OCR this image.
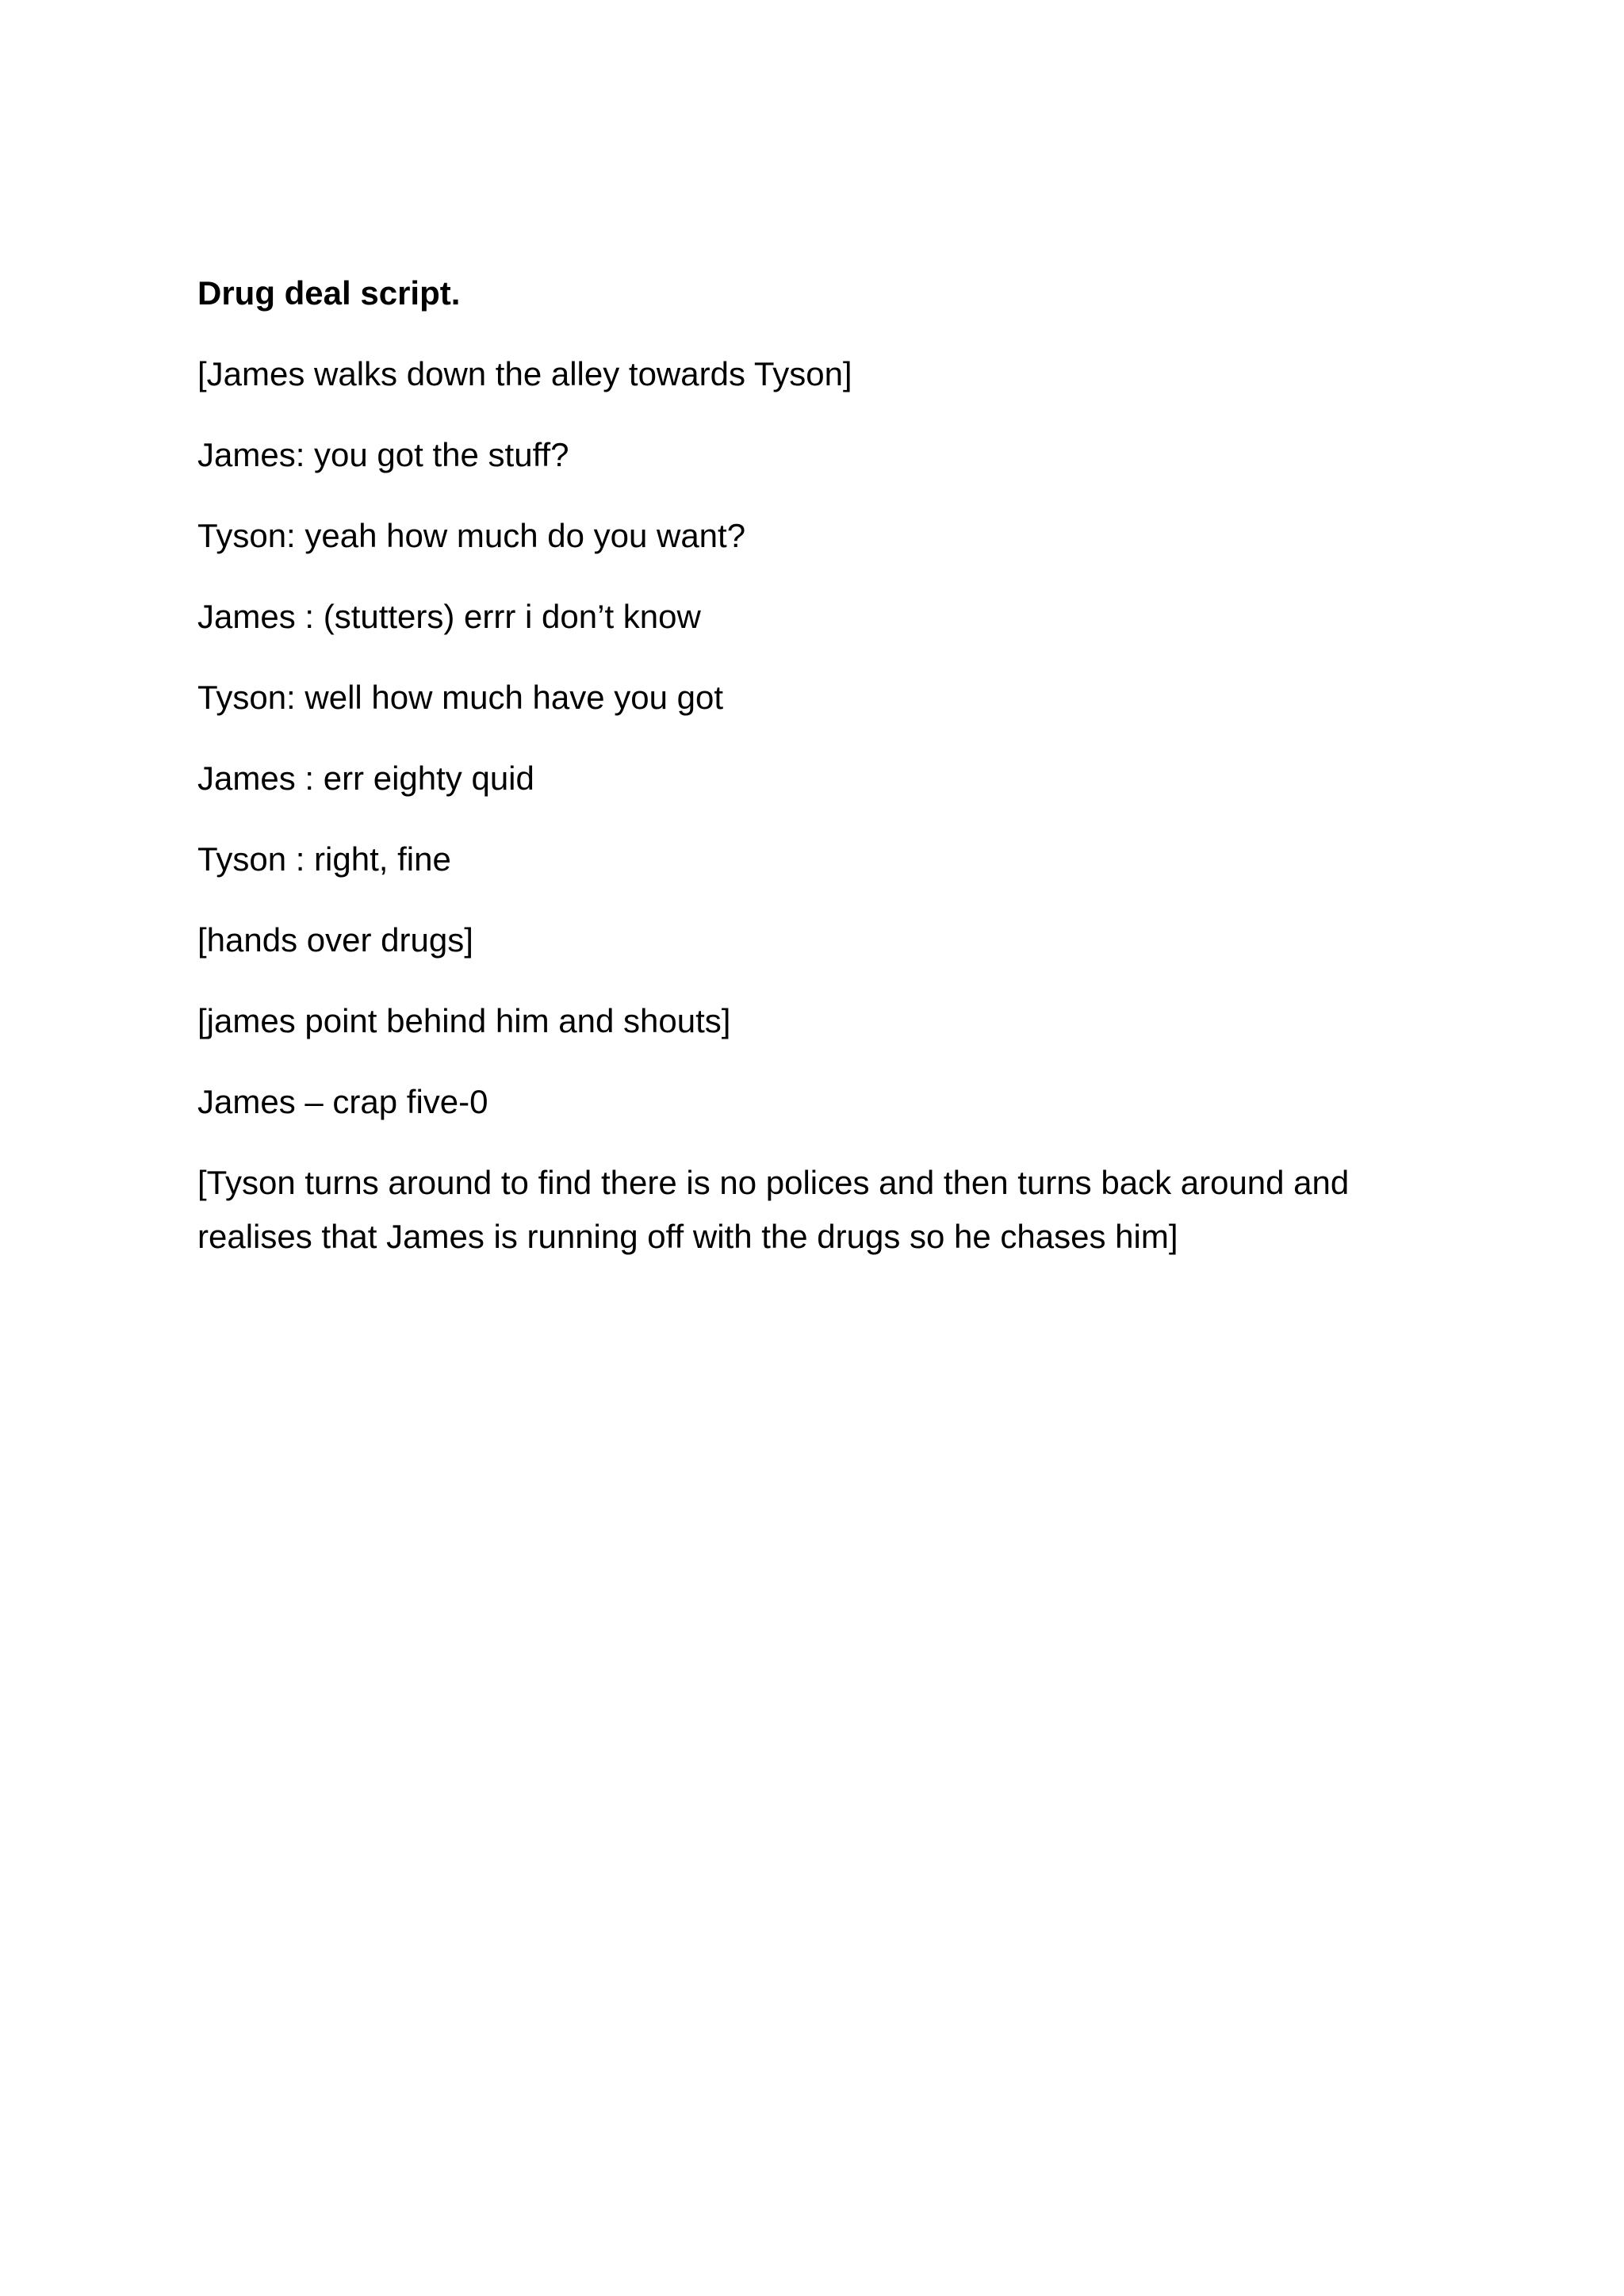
Drug deal script.

[James walks down the alley towards Tyson]

James: you got the stuff?

Tyson: yeah how much do you want?

James : (stutters) errr i don’t know

Tyson: well how much have you got

James : err eighty quid

Tyson : right, fine

[hands over drugs]

[james point behind him and shouts]

James – crap five-0

[Tyson turns around to find there is no polices and then turns back around and realises that James is running off with the drugs so he chases him]
